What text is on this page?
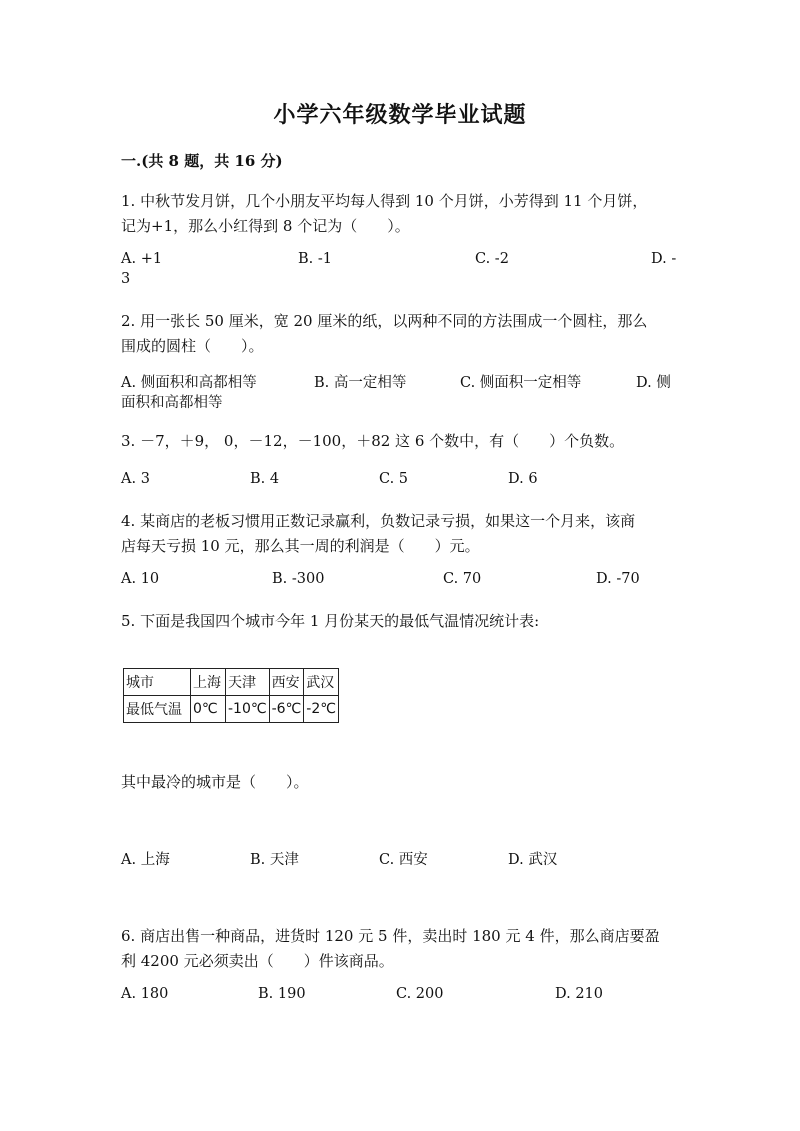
小学六年级数学毕业试题
一.(共 8 题，共 16 分)
1. 中秋节发月饼，几个小朋友平均每人得到 10 个月饼，小芳得到 11 个月饼，
记为+1，那么小红得到 8 个记为（　　）。
A. +1	B. -1	C. -2	D. -
3
2. 用一张长 50 厘米，宽 20 厘米的纸，以两种不同的方法围成一个圆柱，那么
围成的圆柱（　　）。
A. 侧面积和高都相等	B. 高一定相等	C. 侧面积一定相等	D. 侧
面积和高都相等
3. －7，＋9， 0，－12，－100，＋82 这 6 个数中，有（　　）个负数。
A. 3	B. 4	C. 5	D. 6
4. 某商店的老板习惯用正数记录赢利，负数记录亏损，如果这一个月来，该商
店每天亏损 10 元，那么其一周的利润是（　　）元。
A. 10	B. -300	C. 70	D. -70
5. 下面是我国四个城市今年 1 月份某天的最低气温情况统计表:
城市	上海	天津	西安	武汉
最低气温	0℃	-10℃	-6℃	-2℃
其中最冷的城市是（　　）。
A. 上海	B. 天津	C. 西安	D. 武汉
6. 商店出售一种商品，进货时 120 元 5 件，卖出时 180 元 4 件，那么商店要盈
利 4200 元必须卖出（　　）件该商品。
A. 180	B. 190	C. 200	D. 210
